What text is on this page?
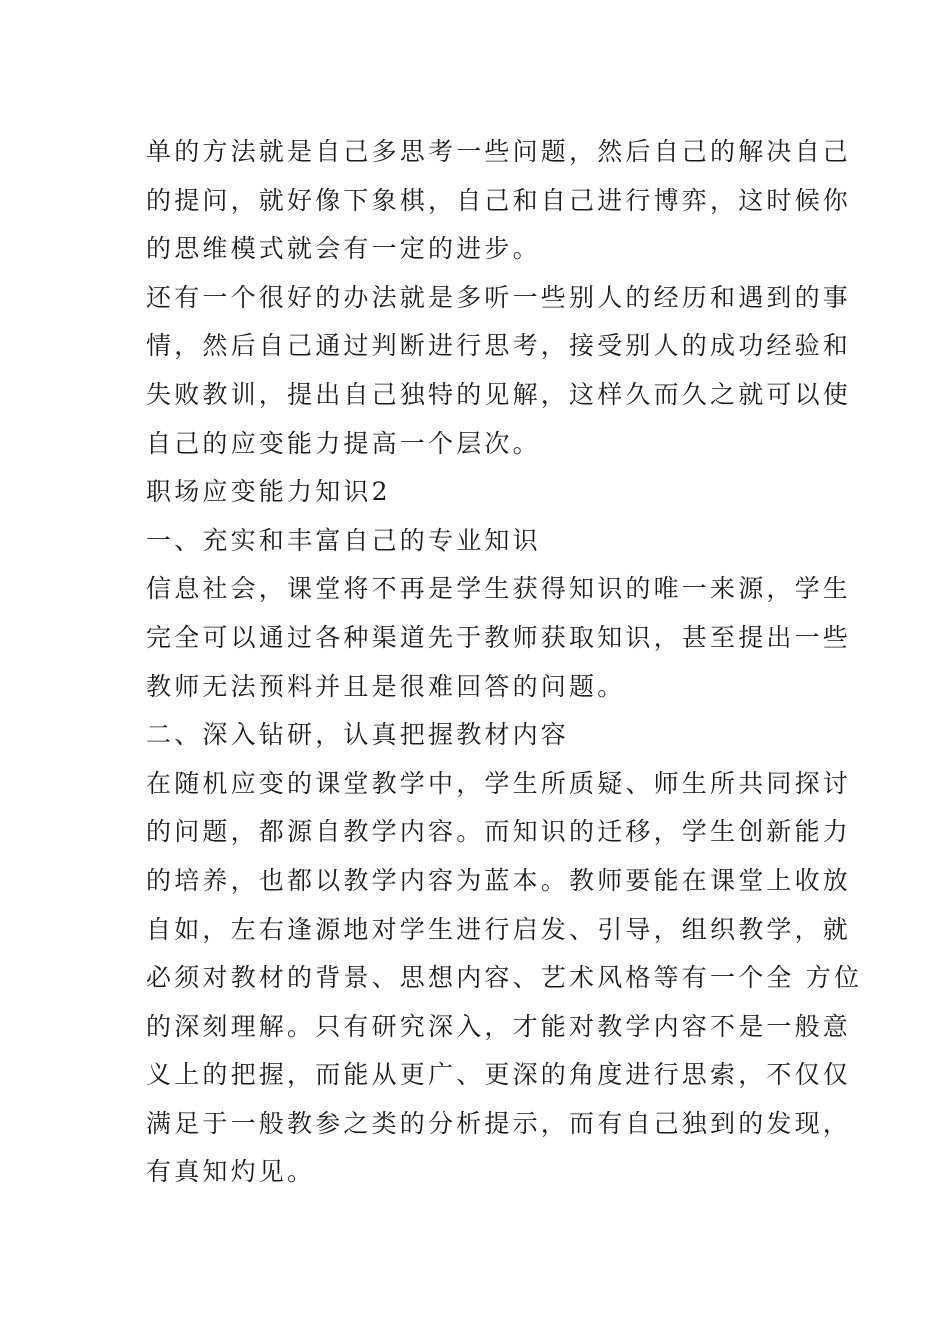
单的方法就是自己多思考一些问题，然后自己的解决自己
的提问，就好像下象棋，自己和自己进行博弈，这时候你
的思维模式就会有一定的进步。
还有一个很好的办法就是多听一些别人的经历和遇到的事
情，然后自己通过判断进行思考，接受别人的成功经验和
失败教训，提出自己独特的见解，这样久而久之就可以使
自己的应变能力提高一个层次。
职场应变能力知识2
一、充实和丰富自己的专业知识
信息社会，课堂将不再是学生获得知识的唯一来源，学生
完全可以通过各种渠道先于教师获取知识，甚至提出一些
教师无法预料并且是很难回答的问题。
二、深入钻研，认真把握教材内容
在随机应变的课堂教学中，学生所质疑、师生所共同探讨
的问题，都源自教学内容。而知识的迁移，学生创新能力
的培养，也都以教学内容为蓝本。教师要能在课堂上收放
自如，左右逢源地对学生进行启发、引导，组织教学，就
必须对教材的背景、思想内容、艺术风格等有一个全 方位
的深刻理解。只有研究深入，才能对教学内容不是一般意
义上的把握，而能从更广、更深的角度进行思索，不仅仅
满足于一般教参之类的分析提示，而有自己独到的发现，
有真知灼见。
